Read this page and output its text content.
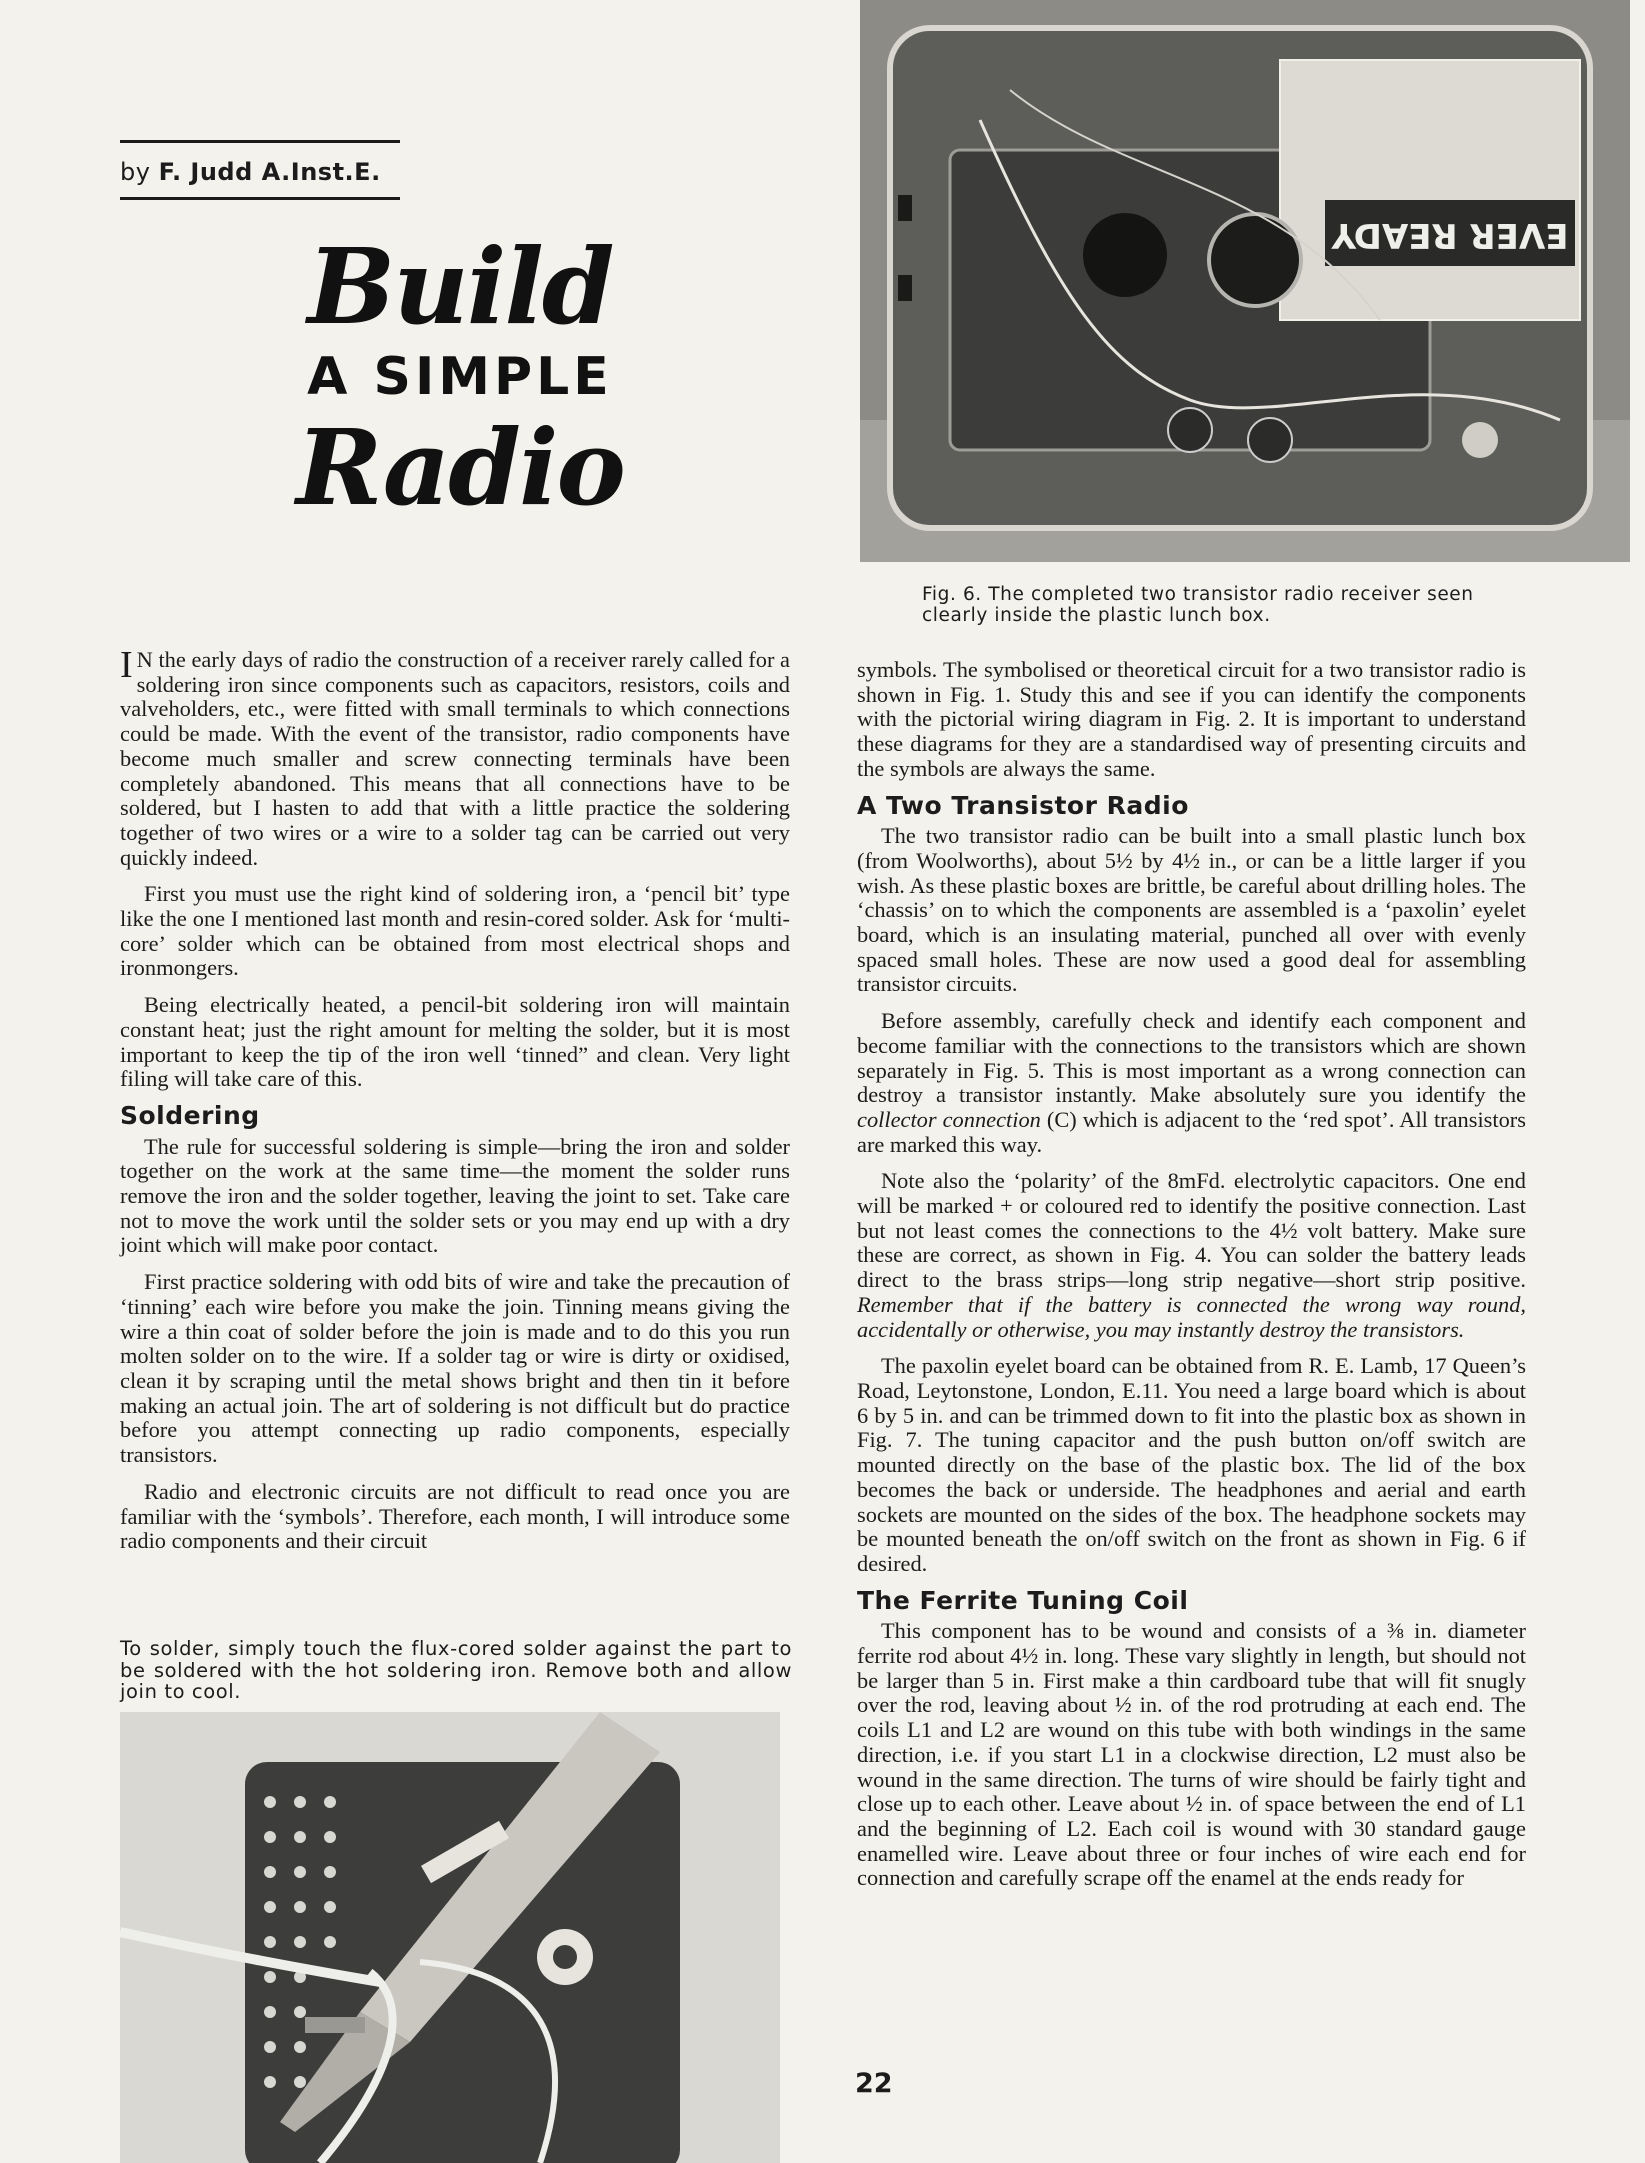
by F. Judd A.Inst.E.
Build
A SIMPLE
Radio
EVER READY
Fig. 6. The completed two transistor radio receiver seen clearly inside the plastic lunch box.

I N the early days of radio the construction of a receiver rarely called for a soldering iron since components such as capacitors, resistors, coils and valveholders, etc., were fitted with small terminals to which connections could be made. With the event of the transistor, radio components have become much smaller and screw connecting terminals have been completely abandoned. This means that all connections have to be soldered, but I hasten to add that with a little practice the soldering together of two wires or a wire to a solder tag can be carried out very quickly indeed.

First you must use the right kind of soldering iron, a ‘pencil bit’ type like the one I mentioned last month and resin-cored solder. Ask for ‘multi-core’ solder which can be obtained from most electrical shops and ironmongers.

Being electrically heated, a pencil-bit soldering iron will maintain constant heat; just the right amount for melting the solder, but it is most important to keep the tip of the iron well ‘tinned” and clean. Very light filing will take care of this.

Soldering

The rule for successful soldering is simple—bring the iron and solder together on the work at the same time—the moment the solder runs remove the iron and the solder together, leaving the joint to set. Take care not to move the work until the solder sets or you may end up with a dry joint which will make poor contact.

First practice soldering with odd bits of wire and take the precaution of ‘tinning’ each wire before you make the join. Tinning means giving the wire a thin coat of solder before the join is made and to do this you run molten solder on to the wire. If a solder tag or wire is dirty or oxidised, clean it by scraping until the metal shows bright and then tin it before making an actual join. The art of soldering is not difficult but do practice before you attempt connecting up radio components, especially transistors.

Radio and electronic circuits are not difficult to read once you are familiar with the ‘symbols’. Therefore, each month, I will introduce some radio components and their circuit

To solder, simply touch the flux-cored solder against the part to be soldered with the hot soldering iron. Remove both and allow join to cool.

symbols. The symbolised or theoretical circuit for a two transistor radio is shown in Fig. 1. Study this and see if you can identify the components with the pictorial wiring diagram in Fig. 2. It is important to understand these diagrams for they are a standardised way of presenting circuits and the symbols are always the same.

A Two Transistor Radio

The two transistor radio can be built into a small plastic lunch box (from Woolworths), about 5½ by 4½ in., or can be a little larger if you wish. As these plastic boxes are brittle, be careful about drilling holes. The ‘chassis’ on to which the components are assembled is a ‘paxolin’ eyelet board, which is an insulating material, punched all over with evenly spaced small holes. These are now used a good deal for assembling transistor circuits.

Before assembly, carefully check and identify each component and become familiar with the connections to the transistors which are shown separately in Fig. 5. This is most important as a wrong connection can destroy a transistor instantly. Make absolutely sure you identify the collector connection (C) which is adjacent to the ‘red spot’. All transistors are marked this way.

Note also the ‘polarity’ of the 8mFd. electrolytic capacitors. One end will be marked + or coloured red to identify the positive connection. Last but not least comes the connections to the 4½ volt battery. Make sure these are correct, as shown in Fig. 4. You can solder the battery leads direct to the brass strips—long strip negative—short strip positive. Remember that if the battery is connected the wrong way round, accidentally or otherwise, you may instantly destroy the transistors.

The paxolin eyelet board can be obtained from R. E. Lamb, 17 Queen’s Road, Leytonstone, London, E.11. You need a large board which is about 6 by 5 in. and can be trimmed down to fit into the plastic box as shown in Fig. 7. The tuning capacitor and the push button on/off switch are mounted directly on the base of the plastic box. The lid of the box becomes the back or underside. The headphones and aerial and earth sockets are mounted on the sides of the box. The headphone sockets may be mounted beneath the on/off switch on the front as shown in Fig. 6 if desired.

The Ferrite Tuning Coil

This component has to be wound and consists of a ⅜ in. diameter ferrite rod about 4½ in. long. These vary slightly in length, but should not be larger than 5 in. First make a thin cardboard tube that will fit snugly over the rod, leaving about ½ in. of the rod protruding at each end. The coils L1 and L2 are wound on this tube with both windings in the same direction, i.e. if you start L1 in a clockwise direction, L2 must also be wound in the same direction. The turns of wire should be fairly tight and close up to each other. Leave about ½ in. of space between the end of L1 and the beginning of L2. Each coil is wound with 30 standard gauge enamelled wire. Leave about three or four inches of wire each end for connection and carefully scrape off the enamel at the ends ready for

22
